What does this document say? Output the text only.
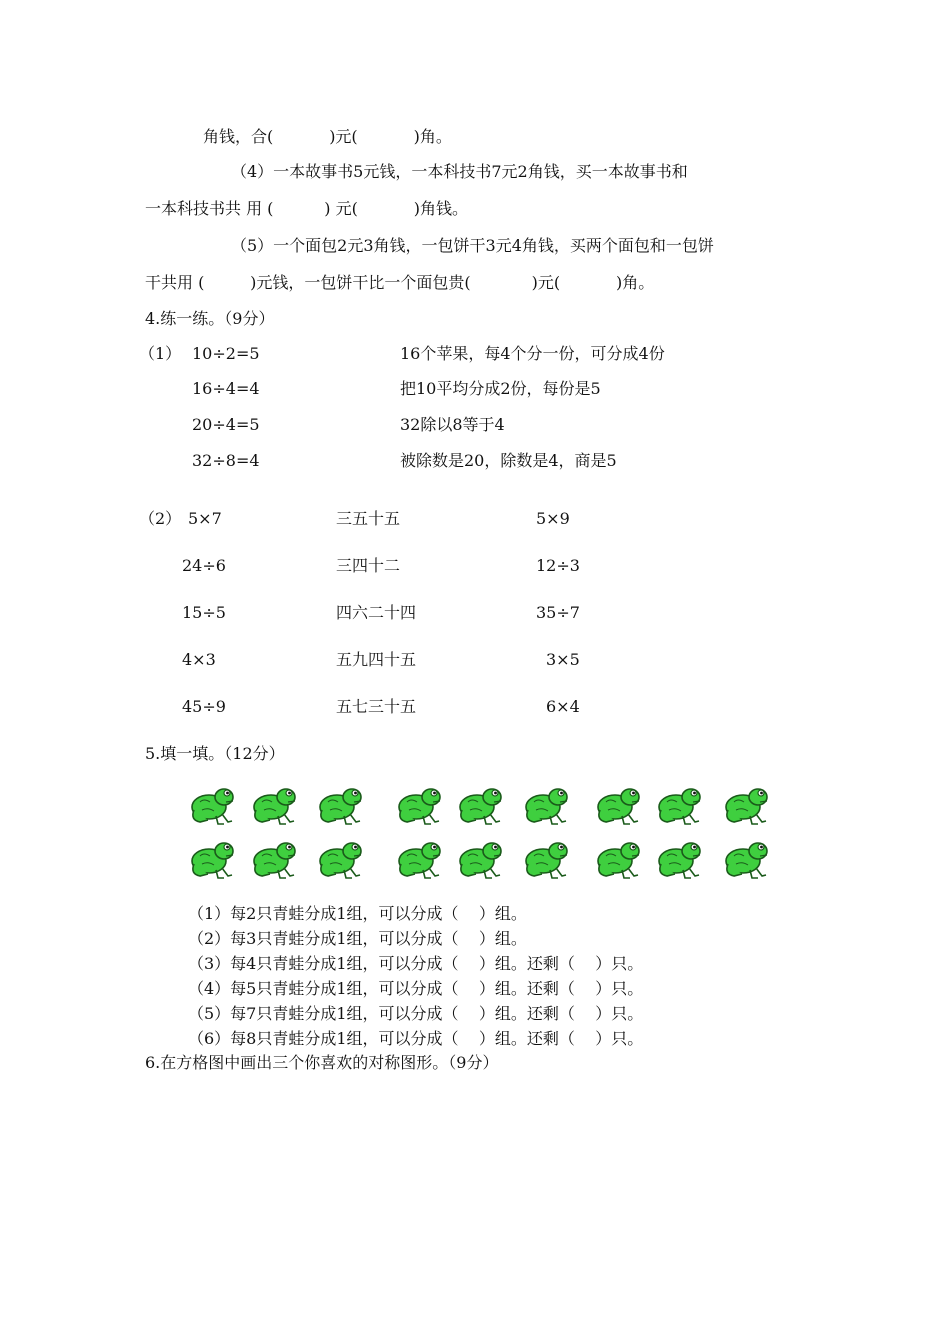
角钱，合(           )元(           )角。
（4）一本故事书5元钱，一本科技书7元2角钱，买一本故事书和
一本科技书共 用 (          ) 元(           )角钱。
（5）一个面包2元3角钱，一包饼干3元4角钱，买两个面包和一包饼
干共用 (         )元钱，一包饼干比一个面包贵(            )元(           )角。
4.练一练。（9分）
（1） 10÷2=5
16÷4=4
20÷4=5
32÷8=4
16个苹果，每4个分一份，可分成4份
把10平均分成2份，每份是5
32除以8等于4
被除数是20，除数是4，商是5
（2） 5×7
24÷6
15÷5
4×3
45÷9
三五十五
三四十二
四六二十四
五九四十五
五七三十五
5×9
12÷3
35÷7
3×5
6×4
5.填一填。（12分）
（1）每2只青蛙分成1组，可以分成（    ）组。
（2）每3只青蛙分成1组，可以分成（    ）组。
（3）每4只青蛙分成1组，可以分成（    ）组。还剩（    ）只。
（4）每5只青蛙分成1组，可以分成（    ）组。还剩（    ）只。
（5）每7只青蛙分成1组，可以分成（    ）组。还剩（    ）只。
（6）每8只青蛙分成1组，可以分成（    ）组。还剩（    ）只。
6.在方格图中画出三个你喜欢的对称图形。（9分）
